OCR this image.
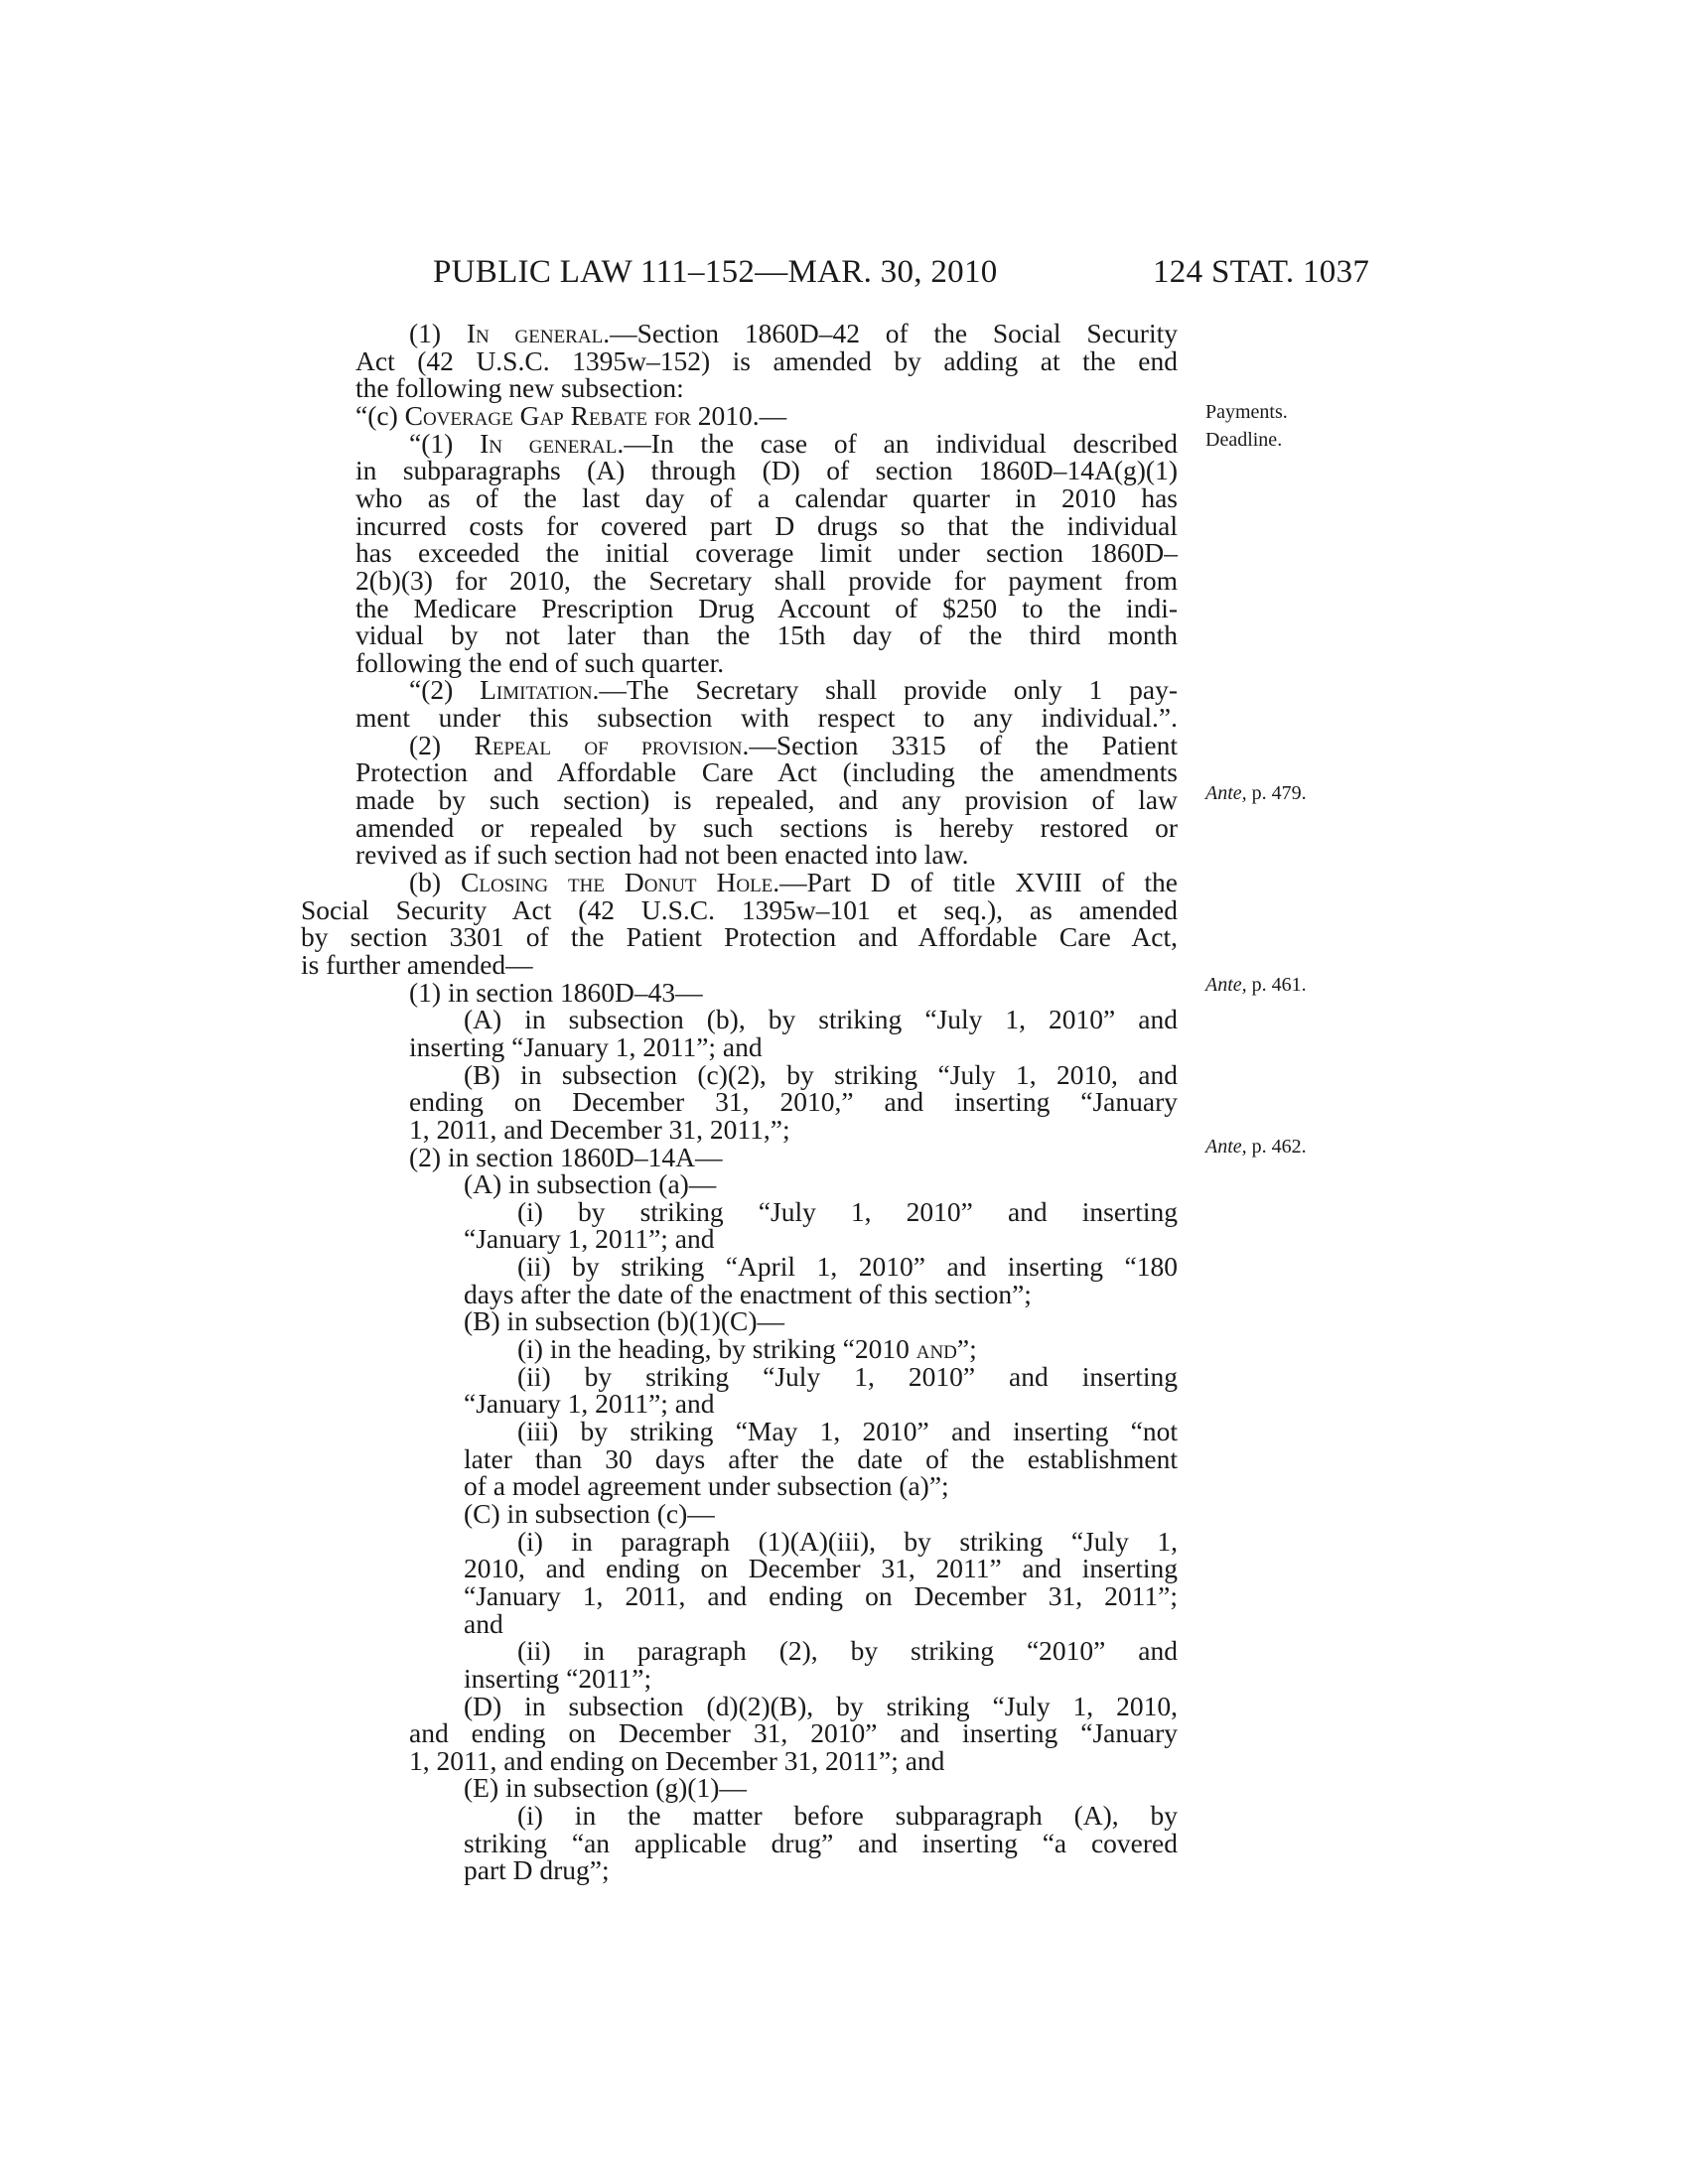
PUBLIC LAW 111–152—MAR. 30, 2010	124 STAT. 1037
(1) In general.—Section 1860D–42 of the Social Security
Act (42 U.S.C. 1395w–152) is amended by adding at the end
the following new subsection:
“(c) Coverage Gap Rebate for 2010.—
“(1) In general.—In the case of an individual described
in subparagraphs (A) through (D) of section 1860D–14A(g)(1)
who as of the last day of a calendar quarter in 2010 has
incurred costs for covered part D drugs so that the individual
has exceeded the initial coverage limit under section 1860D–
2(b)(3) for 2010, the Secretary shall provide for payment from
the Medicare Prescription Drug Account of $250 to the indi-
vidual by not later than the 15th day of the third month
following the end of such quarter.
“(2) Limitation.—The Secretary shall provide only 1 pay-
ment under this subsection with respect to any individual.”.
(2) Repeal of provision.—Section 3315 of the Patient
Protection and Affordable Care Act (including the amendments
made by such section) is repealed, and any provision of law
amended or repealed by such sections is hereby restored or
revived as if such section had not been enacted into law.
(b) Closing the Donut Hole.—Part D of title XVIII of the
Social Security Act (42 U.S.C. 1395w–101 et seq.), as amended
by section 3301 of the Patient Protection and Affordable Care Act,
is further amended—
(1) in section 1860D–43—
(A) in subsection (b), by striking “July 1, 2010” and
inserting “January 1, 2011”; and
(B) in subsection (c)(2), by striking “July 1, 2010, and
ending on December 31, 2010,” and inserting “January
1, 2011, and December 31, 2011,”;
(2) in section 1860D–14A—
(A) in subsection (a)—
(i) by striking “July 1, 2010” and inserting
“January 1, 2011”; and
(ii) by striking “April 1, 2010” and inserting “180
days after the date of the enactment of this section”;
(B) in subsection (b)(1)(C)—
(i) in the heading, by striking “2010 and”;
(ii) by striking “July 1, 2010” and inserting
“January 1, 2011”; and
(iii) by striking “May 1, 2010” and inserting “not
later than 30 days after the date of the establishment
of a model agreement under subsection (a)”;
(C) in subsection (c)—
(i) in paragraph (1)(A)(iii), by striking “July 1,
2010, and ending on December 31, 2011” and inserting
“January 1, 2011, and ending on December 31, 2011”;
and
(ii) in paragraph (2), by striking “2010” and
inserting “2011”;
(D) in subsection (d)(2)(B), by striking “July 1, 2010,
and ending on December 31, 2010” and inserting “January
1, 2011, and ending on December 31, 2011”; and
(E) in subsection (g)(1)—
(i) in the matter before subparagraph (A), by
striking “an applicable drug” and inserting “a covered
part D drug”;
Payments.
Deadline.
Ante, p. 479.
Ante, p. 461.
Ante, p. 462.
